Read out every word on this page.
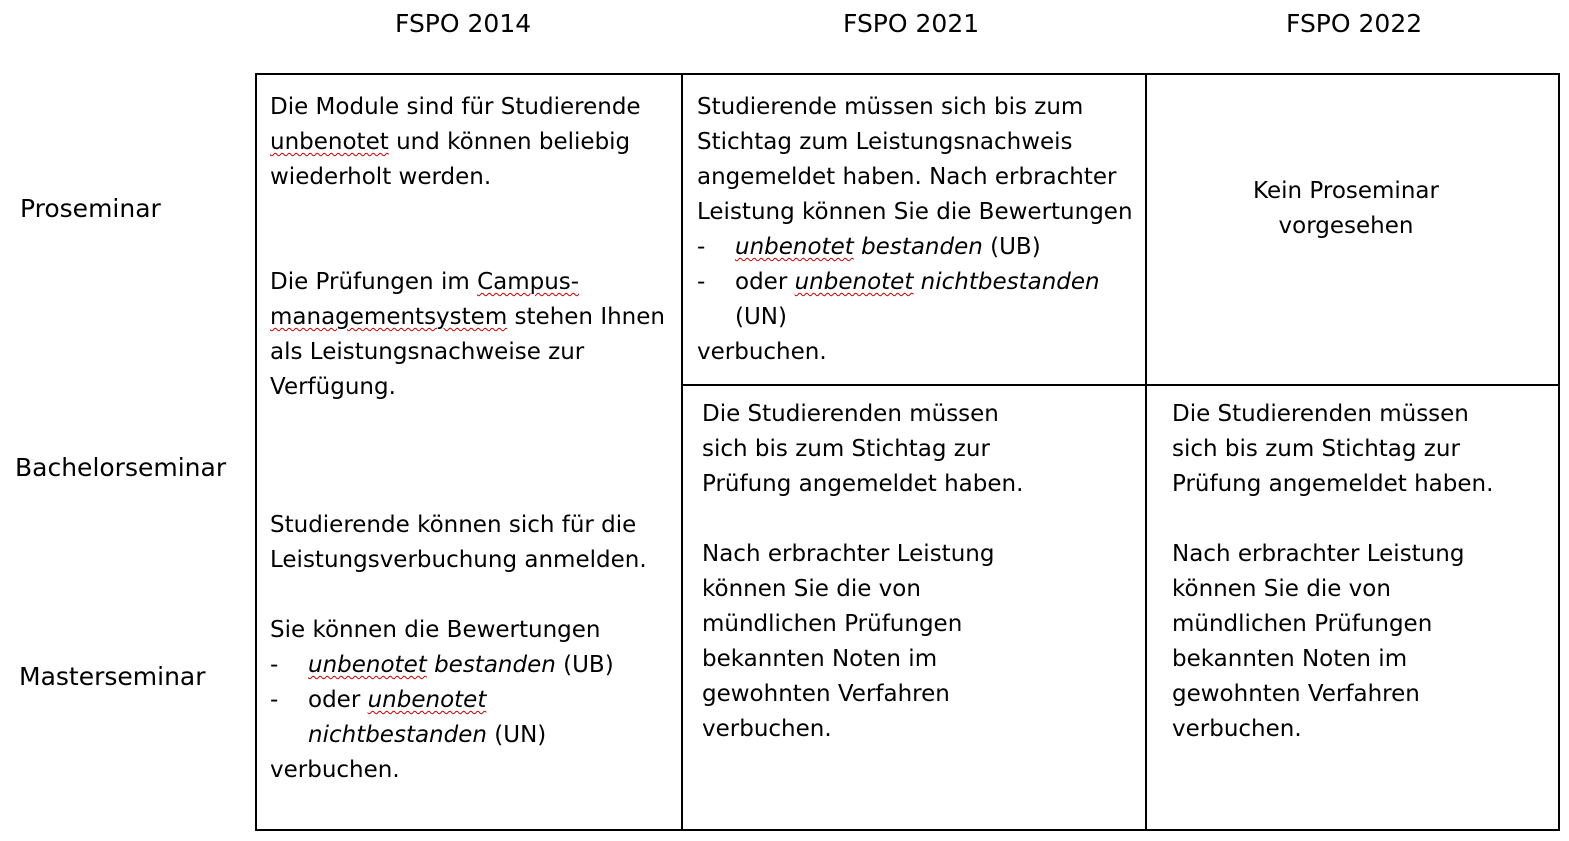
FSPO 2014	FSPO 2021	FSPO 2022
Proseminar
Bachelorseminar
Masterseminar

Die Module sind für Studierende

unbenotet und können beliebig

wiederholt werden.

Die Prüfungen im Campus-

managementsystem stehen Ihnen

als Leistungsnachweise zur

Verfügung.

Studierende können sich für die

Leistungsverbuchung anmelden.

Sie können die Bewertungen

- unbenotet bestanden (UB)

- oder unbenotet

nichtbestanden (UN)

verbuchen.

Studierende müssen sich bis zum

Stichtag zum Leistungsnachweis

angemeldet haben. Nach erbrachter

Leistung können Sie die Bewertungen

- unbenotet bestanden (UB)

- oder unbenotet nichtbestanden

(UN)

verbuchen.

Kein Proseminar

vorgesehen

Die Studierenden müssen

sich bis zum Stichtag zur

Prüfung angemeldet haben.

Nach erbrachter Leistung

können Sie die von

mündlichen Prüfungen

bekannten Noten im

gewohnten Verfahren

verbuchen.

Die Studierenden müssen

sich bis zum Stichtag zur

Prüfung angemeldet haben.

Nach erbrachter Leistung

können Sie die von

mündlichen Prüfungen

bekannten Noten im

gewohnten Verfahren

verbuchen.
